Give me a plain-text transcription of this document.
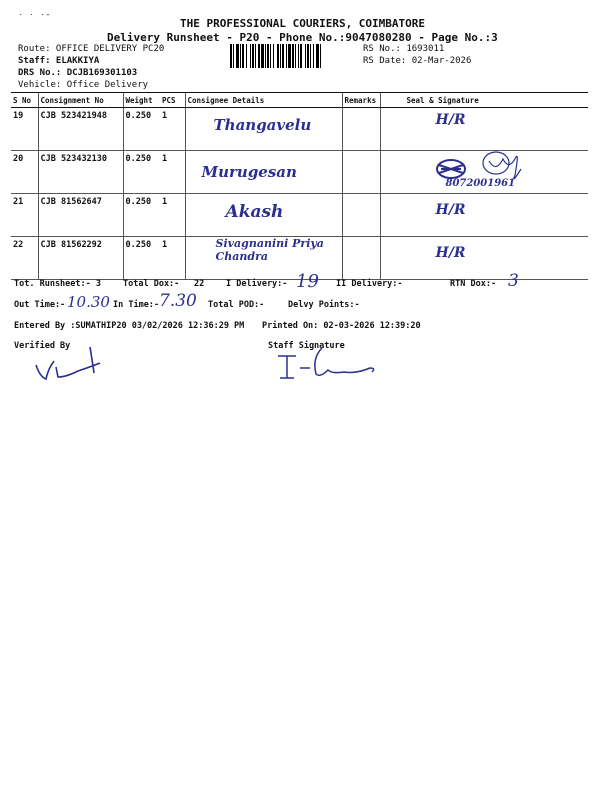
˙ ˙ ˙ˉ	THE PROFESSIONAL COURIERS, COIMBATORE
Delivery Runsheet - P20 - Phone No.:9047080280 - Page No.:3
Route: OFFICE DELIVERY PC20
Staff: ELAKKIYA
DRS No.: DCJB169301103
Vehicle: Office Delivery
RS No.: 1693011
RS Date: 02-Mar-2026
S No	Consignment No	Weight	PCS	Consignee Details	Remarks	Seal & Signature
19	CJB 523421948	0.250	1	Thangavelu		H/R

20	CJB 523432130	0.250	1	Murugesan		8072001961

21	CJB 81562647	0.250	1	Akash		H/R

22	CJB 81562292	0.250	1	Sivagnanini Priya Chandra		H/R
Tot. Runsheet:- 3	Total Dox:- 22	I Delivery:- 19 II Delivery:-	RTN Dox:- 3
Out Time:- 10.30 In Time:- 7.30 Total POD:-	Delvy Points:-
Entered By :SUMATHIP20 03/02/2026 12:36:29 PM Printed On: 02-03-2026 12:39:20
Verified By	Staff Signature
